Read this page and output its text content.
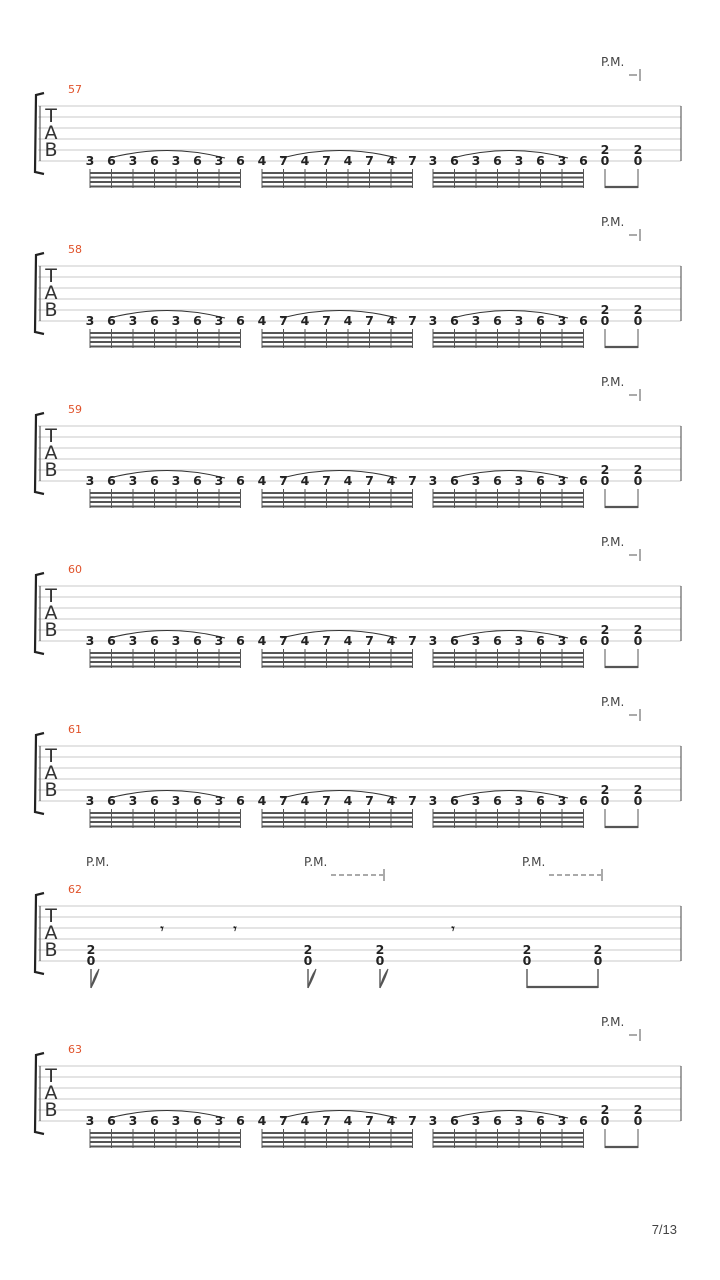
T
A
B
57
3 6 3 6 3 6 3 6 4 7 4 7 4 7 4 7 3 6 3 6 3 6 3 6
2
0
2
0
P.M.
T
A
B
58
3 6 3 6 3 6 3 6 4 7 4 7 4 7 4 7 3 6 3 6 3 6 3 6
2
0
2
0
P.M.
T
A
B
59
3 6 3 6 3 6 3 6 4 7 4 7 4 7 4 7 3 6 3 6 3 6 3 6
2
0
2
0
P.M.
T
A
B
60
3 6 3 6 3 6 3 6 4 7 4 7 4 7 4 7 3 6 3 6 3 6 3 6
2
0
2
0
P.M.
T
A
B
61
3 6 3 6 3 6 3 6 4 7 4 7 4 7 4 7 3 6 3 6 3 6 3 6
2
0
2
0
P.M.
T
A
B
62
P.M.	P.M.	P.M.
2
0
𝄾	𝄾
2
0
2
0
𝄾
2
0
2
0
T
A
B
63
3 6 3 6 3 6 3 6 4 7 4 7 4 7 4 7 3 6 3 6 3 6 3 6
2
0
2
0
P.M.
7/13
